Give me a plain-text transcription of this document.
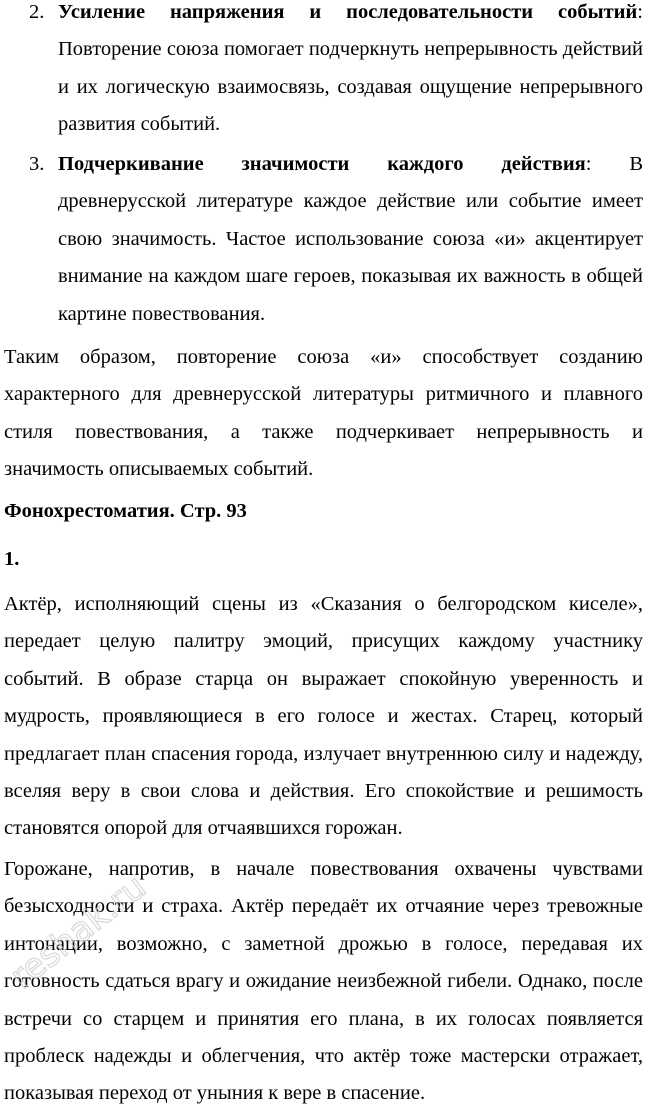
2. Усиление напряжения и последовательности событий: Повторение союза помогает подчеркнуть непрерывность действий и их логическую взаимосвязь, создавая ощущение непрерывного развития событий.

3. Подчеркивание значимости каждого действия: В древнерусской литературе каждое действие или событие имеет свою значимость. Частое использование союза «и» акцентирует внимание на каждом шаге героев, показывая их важность в общей картине повествования.

Таким образом, повторение союза «и» способствует созданию характерного для древнерусской литературы ритмичного и плавного стиля повествования, а также подчеркивает непрерывность и значимость описываемых событий.

Фонохрестоматия. Стр. 93
1.

Актёр, исполняющий сцены из «Сказания о белгородском киселе», передает целую палитру эмоций, присущих каждому участнику событий. В образе старца он выражает спокойную уверенность и мудрость, проявляющиеся в его голосе и жестах. Старец, который предлагает план спасения города, излучает внутреннюю силу и надежду, вселяя веру в свои слова и действия. Его спокойствие и решимость становятся опорой для отчаявшихся горожан.

Горожане, напротив, в начале повествования охвачены чувствами безысходности и страха. Актёр передаёт их отчаяние через тревожные интонации, возможно, с заметной дрожью в голосе, передавая их готовность сдаться врагу и ожидание неизбежной гибели. Однако, после встречи со старцем и принятия его плана, в их голосах появляется проблеск надежды и облегчения, что актёр тоже мастерски отражает, показывая переход от уныния к вере в спасение.

reshak.ru
